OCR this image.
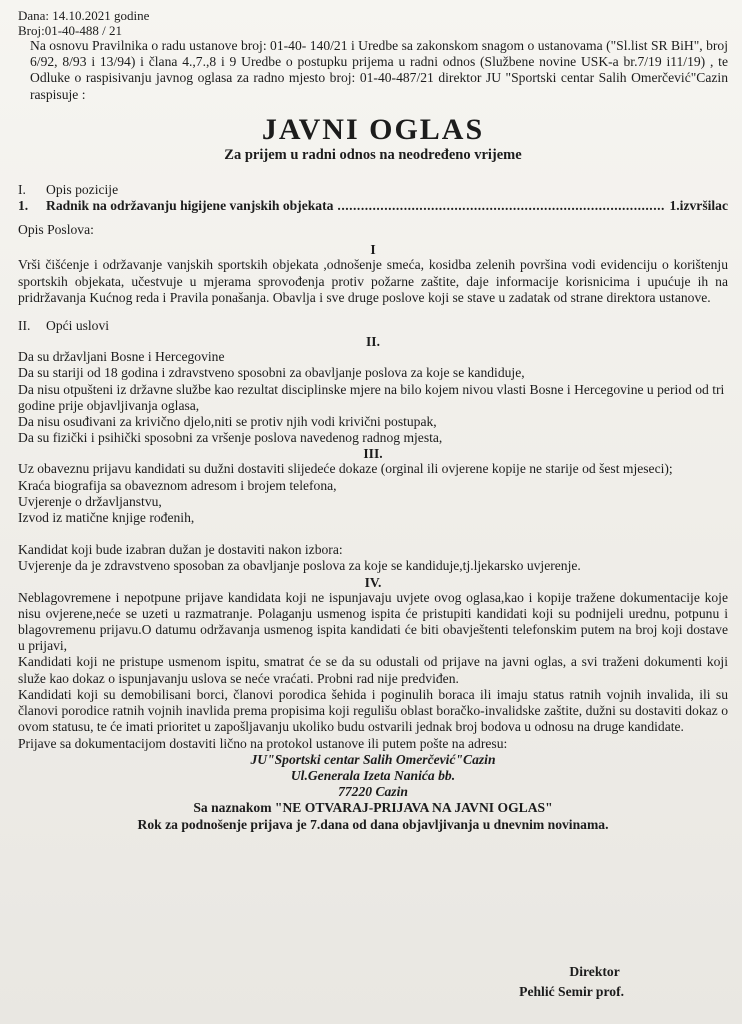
Dana: 14.10.2021 godine

Broj:01-40-488 / 21

Na osnovu Pravilnika o radu ustanove broj: 01-40- 140/21 i Uredbe sa zakonskom snagom o ustanovama ("Sl.list SR BiH", broj 6/92, 8/93 i 13/94) i člana 4.,7.,8 i 9 Uredbe o postupku prijema u radni odnos (Službene novine USK-a br.7/19 i11/19) , te Odluke o raspisivanju javnog oglasa za radno mjesto broj: 01-40-487/21 direktor JU "Sportski centar Salih Omerčević"Cazin raspisuje :

JAVNI OGLAS
Za prijem u radni odnos na neodređeno vrijeme
I.	Opis pozicije
1.	Radnik na održavanju higijene vanjskih objekata
.....	1.izvršilac
Opis Poslova:
I

Vrši čišćenje i održavanje vanjskih sportskih objekata ,odnošenje smeća, kosidba zelenih površina vodi evidenciju o korištenju sportskih objekata, učestvuje u mjerama sprovođenja protiv požarne zaštite, daje informacije korisnicima i upućuje ih na pridržavanja Kućnog reda i Pravila ponašanja. Obavlja i sve druge poslove koji se stave u zadatak od strane direktora ustanove.

II.	Opći uslovi
II.

Da su državljani Bosne i Hercegovine

Da su stariji od 18 godina i zdravstveno sposobni za obavljanje poslova za koje se kandiduje,

Da nisu otpušteni iz državne službe kao rezultat disciplinske mjere na bilo kojem nivou vlasti Bosne i Hercegovine u period od tri godine prije objavljivanja oglasa,

Da nisu osuđivani za krivično djelo,niti se protiv njih vodi krivični postupak,

Da su fizički i psihički sposobni za vršenje poslova navedenog radnog mjesta,

III.

Uz obaveznu prijavu kandidati su dužni dostaviti slijedeće dokaze (orginal ili ovjerene kopije ne starije od šest mjeseci);

Kraća biografija sa obaveznom adresom i brojem telefona,

Uvjerenje o državljanstvu,

Izvod iz matične knjige rođenih,

Kandidat koji bude izabran dužan je dostaviti nakon izbora:

Uvjerenje da je zdravstveno sposoban za obavljanje poslova za koje se kandiduje,tj.ljekarsko uvjerenje.

IV.

Neblagovremene i nepotpune prijave kandidata koji ne ispunjavaju uvjete ovog oglasa,kao i kopije tražene dokumentacije koje nisu ovjerene,neće se uzeti u razmatranje. Polaganju usmenog ispita će pristupiti kandidati koji su podnijeli urednu, potpunu i blagovremenu prijavu.O datumu održavanja usmenog ispita kandidati će biti obavještenti telefonskim putem na broj koji dostave u prijavi,

Kandidati koji ne pristupe usmenom ispitu, smatrat će se da su odustali od prijave na javni oglas, a svi traženi dokumenti koji služe kao dokaz o ispunjavanju uslova se neće vraćati. Probni rad nije predviđen.

Kandidati koji su demobilisani borci, članovi porodica šehida i poginulih boraca ili imaju status ratnih vojnih invalida, ili su članovi porodice ratnih vojnih inavlida prema propisima koji regulišu oblast boračko-invalidske zaštite, dužni su dostaviti dokaz o ovom statusu, te će imati prioritet u zapošljavanju ukoliko budu ostvarili jednak broj bodova u odnosu na druge kandidate.

Prijave sa dokumentacijom dostaviti lično na protokol ustanove ili putem pošte na adresu:

JU"Sportski centar Salih Omerčević"Cazin
Ul.Generala Izeta Nanića bb.
77220 Cazin
Sa naznakom "NE OTVARAJ-PRIJAVA NA JAVNI OGLAS"
Rok za podnošenje prijava je 7.dana od dana objavljivanja u dnevnim novinama.
Direktor
Pehlić Semir prof.
